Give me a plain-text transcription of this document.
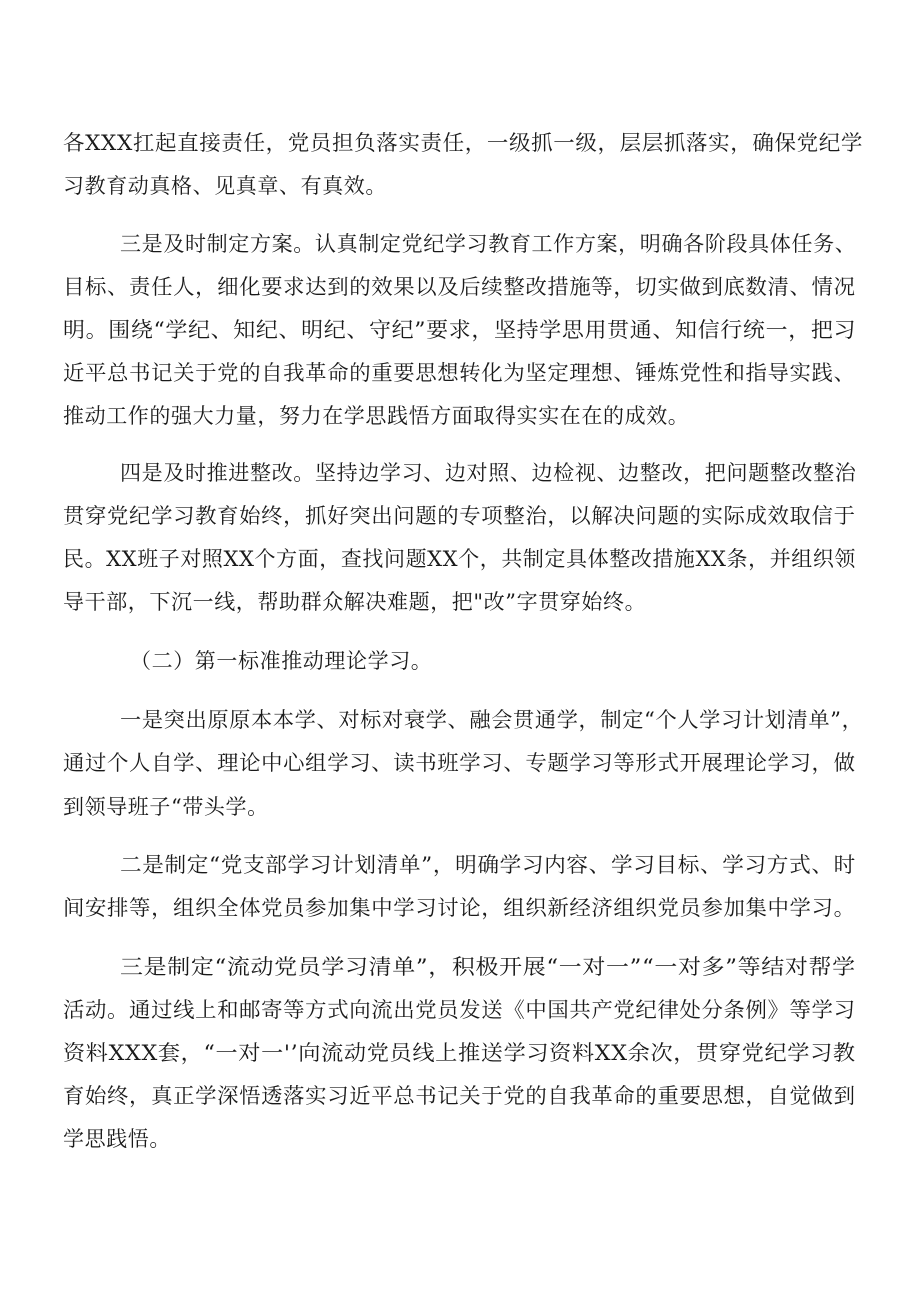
各XXX扛起直接责任，党员担负落实责任，一级抓一级，层层抓落实，确保党纪学
习教育动真格、见真章、有真效。
三是及时制定方案。认真制定党纪学习教育工作方案，明确各阶段具体任务、
目标、责任人，细化要求达到的效果以及后续整改措施等，切实做到底数清、情况
明。围绕“学纪、知纪、明纪、守纪”要求，坚持学思用贯通、知信行统一，把习
近平总书记关于党的自我革命的重要思想转化为坚定理想、锤炼党性和指导实践、
推动工作的强大力量，努力在学思践悟方面取得实实在在的成效。
四是及时推进整改。坚持边学习、边对照、边检视、边整改，把问题整改整治
贯穿党纪学习教育始终，抓好突出问题的专项整治，以解决问题的实际成效取信于
民。XX班子对照XX个方面，查找问题XX个，共制定具体整改措施XX条，并组织领
导干部，下沉一线，帮助群众解决难题，把"改”字贯穿始终。
（二）第一标准推动理论学习。
一是突出原原本本学、对标对衰学、融会贯通学，制定“个人学习计划清单”，
通过个人自学、理论中心组学习、读书班学习、专题学习等形式开展理论学习，做
到领导班子“带头学。
二是制定“党支部学习计划清单”，明确学习内容、学习目标、学习方式、时
间安排等，组织全体党员参加集中学习讨论，组织新经济组织党员参加集中学习。
三是制定“流动党员学习清单”，积极开展“一对一”“一对多”等结对帮学
活动。通过线上和邮寄等方式向流出党员发送《中国共产党纪律处分条例》等学习
资料XXX套，“一对一'’向流动党员线上推送学习资料XX余次，贯穿党纪学习教
育始终，真正学深悟透落实习近平总书记关于党的自我革命的重要思想，自觉做到
学思践悟。
